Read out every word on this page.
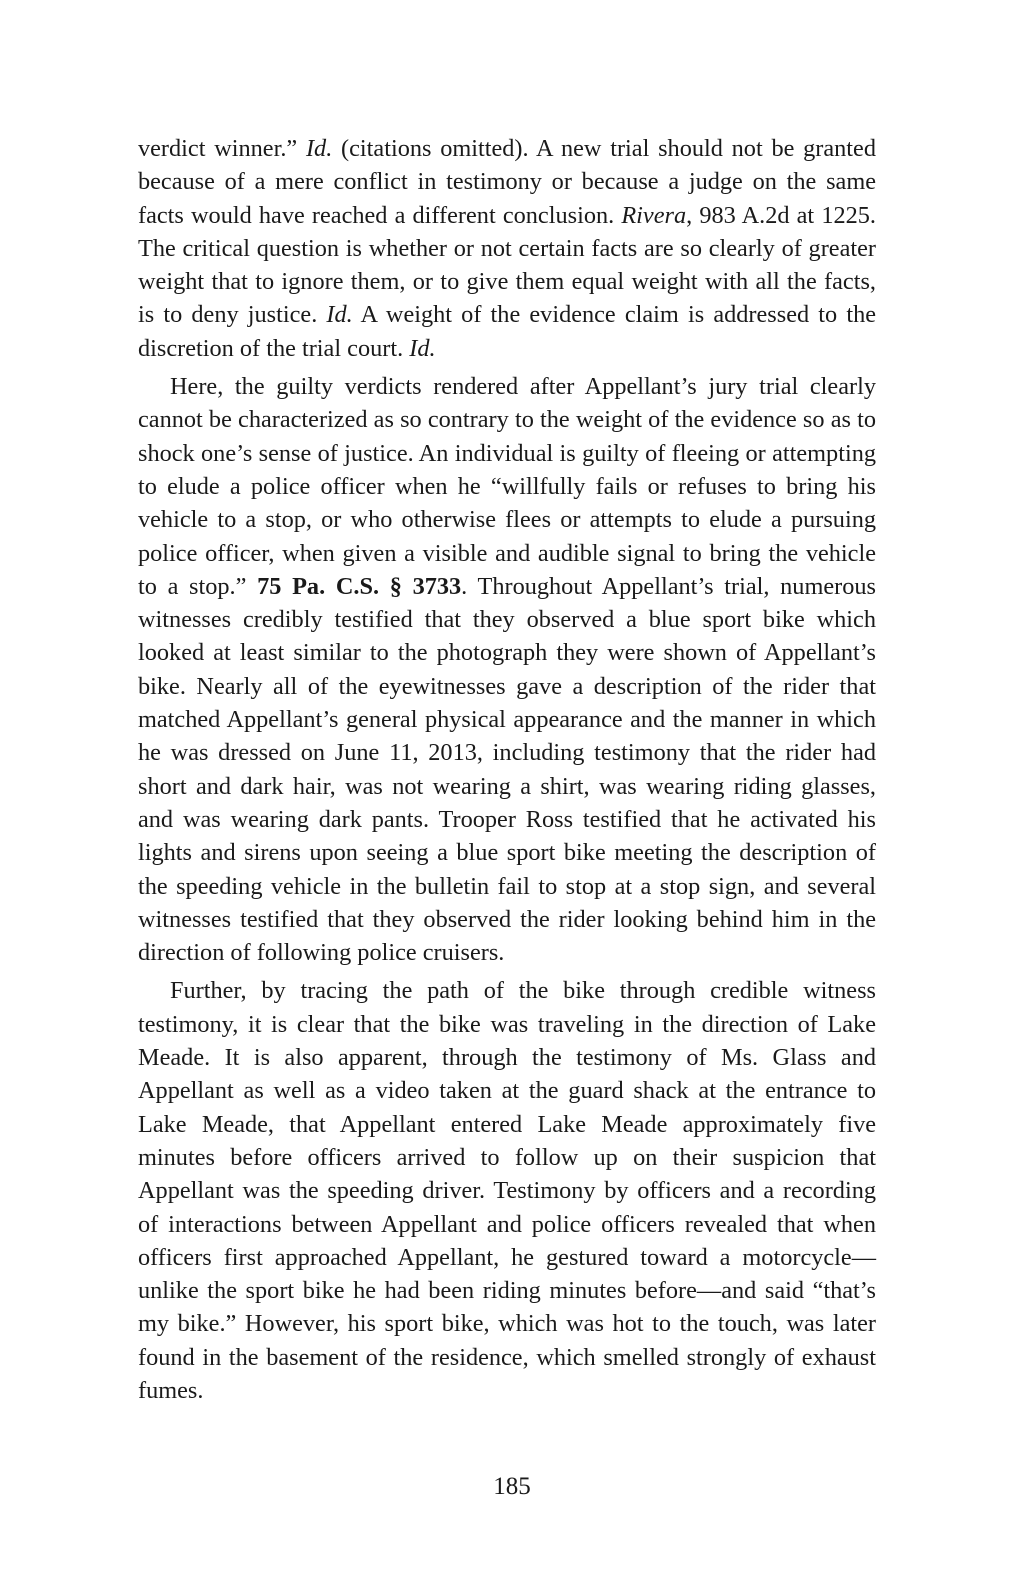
verdict winner.” Id. (citations omitted). A new trial should not be granted because of a mere conflict in testimony or because a judge on the same facts would have reached a different conclusion. Rivera, 983 A.2d at 1225. The critical question is whether or not certain facts are so clearly of greater weight that to ignore them, or to give them equal weight with all the facts, is to deny justice. Id. A weight of the evidence claim is addressed to the discretion of the trial court. Id.

Here, the guilty verdicts rendered after Appellant’s jury trial clearly cannot be characterized as so contrary to the weight of the evidence so as to shock one’s sense of justice. An individual is guilty of fleeing or attempting to elude a police officer when he “willfully fails or refuses to bring his vehicle to a stop, or who otherwise flees or attempts to elude a pursuing police officer, when given a visible and audible signal to bring the vehicle to a stop.” 75 Pa. C.S. § 3733. Throughout Appellant’s trial, numerous witnesses credibly testified that they observed a blue sport bike which looked at least similar to the photograph they were shown of Appellant’s bike. Nearly all of the eyewitnesses gave a description of the rider that matched Appellant’s general physical appearance and the manner in which he was dressed on June 11, 2013, including testimony that the rider had short and dark hair, was not wearing a shirt, was wearing riding glasses, and was wearing dark pants. Trooper Ross testified that he activated his lights and sirens upon seeing a blue sport bike meeting the description of the speeding vehicle in the bulletin fail to stop at a stop sign, and several witnesses testified that they observed the rider looking behind him in the direction of following police cruisers.

Further, by tracing the path of the bike through credible witness testimony, it is clear that the bike was traveling in the direction of Lake Meade. It is also apparent, through the testimony of Ms. Glass and Appellant as well as a video taken at the guard shack at the entrance to Lake Meade, that Appellant entered Lake Meade approximately five minutes before officers arrived to follow up on their suspicion that Appellant was the speeding driver. Testimony by officers and a recording of interactions between Appellant and police officers revealed that when officers first approached Appellant, he gestured toward a motorcycle—unlike the sport bike he had been riding minutes before—and said “that’s my bike.” However, his sport bike, which was hot to the touch, was later found in the basement of the residence, which smelled strongly of exhaust fumes.

185
